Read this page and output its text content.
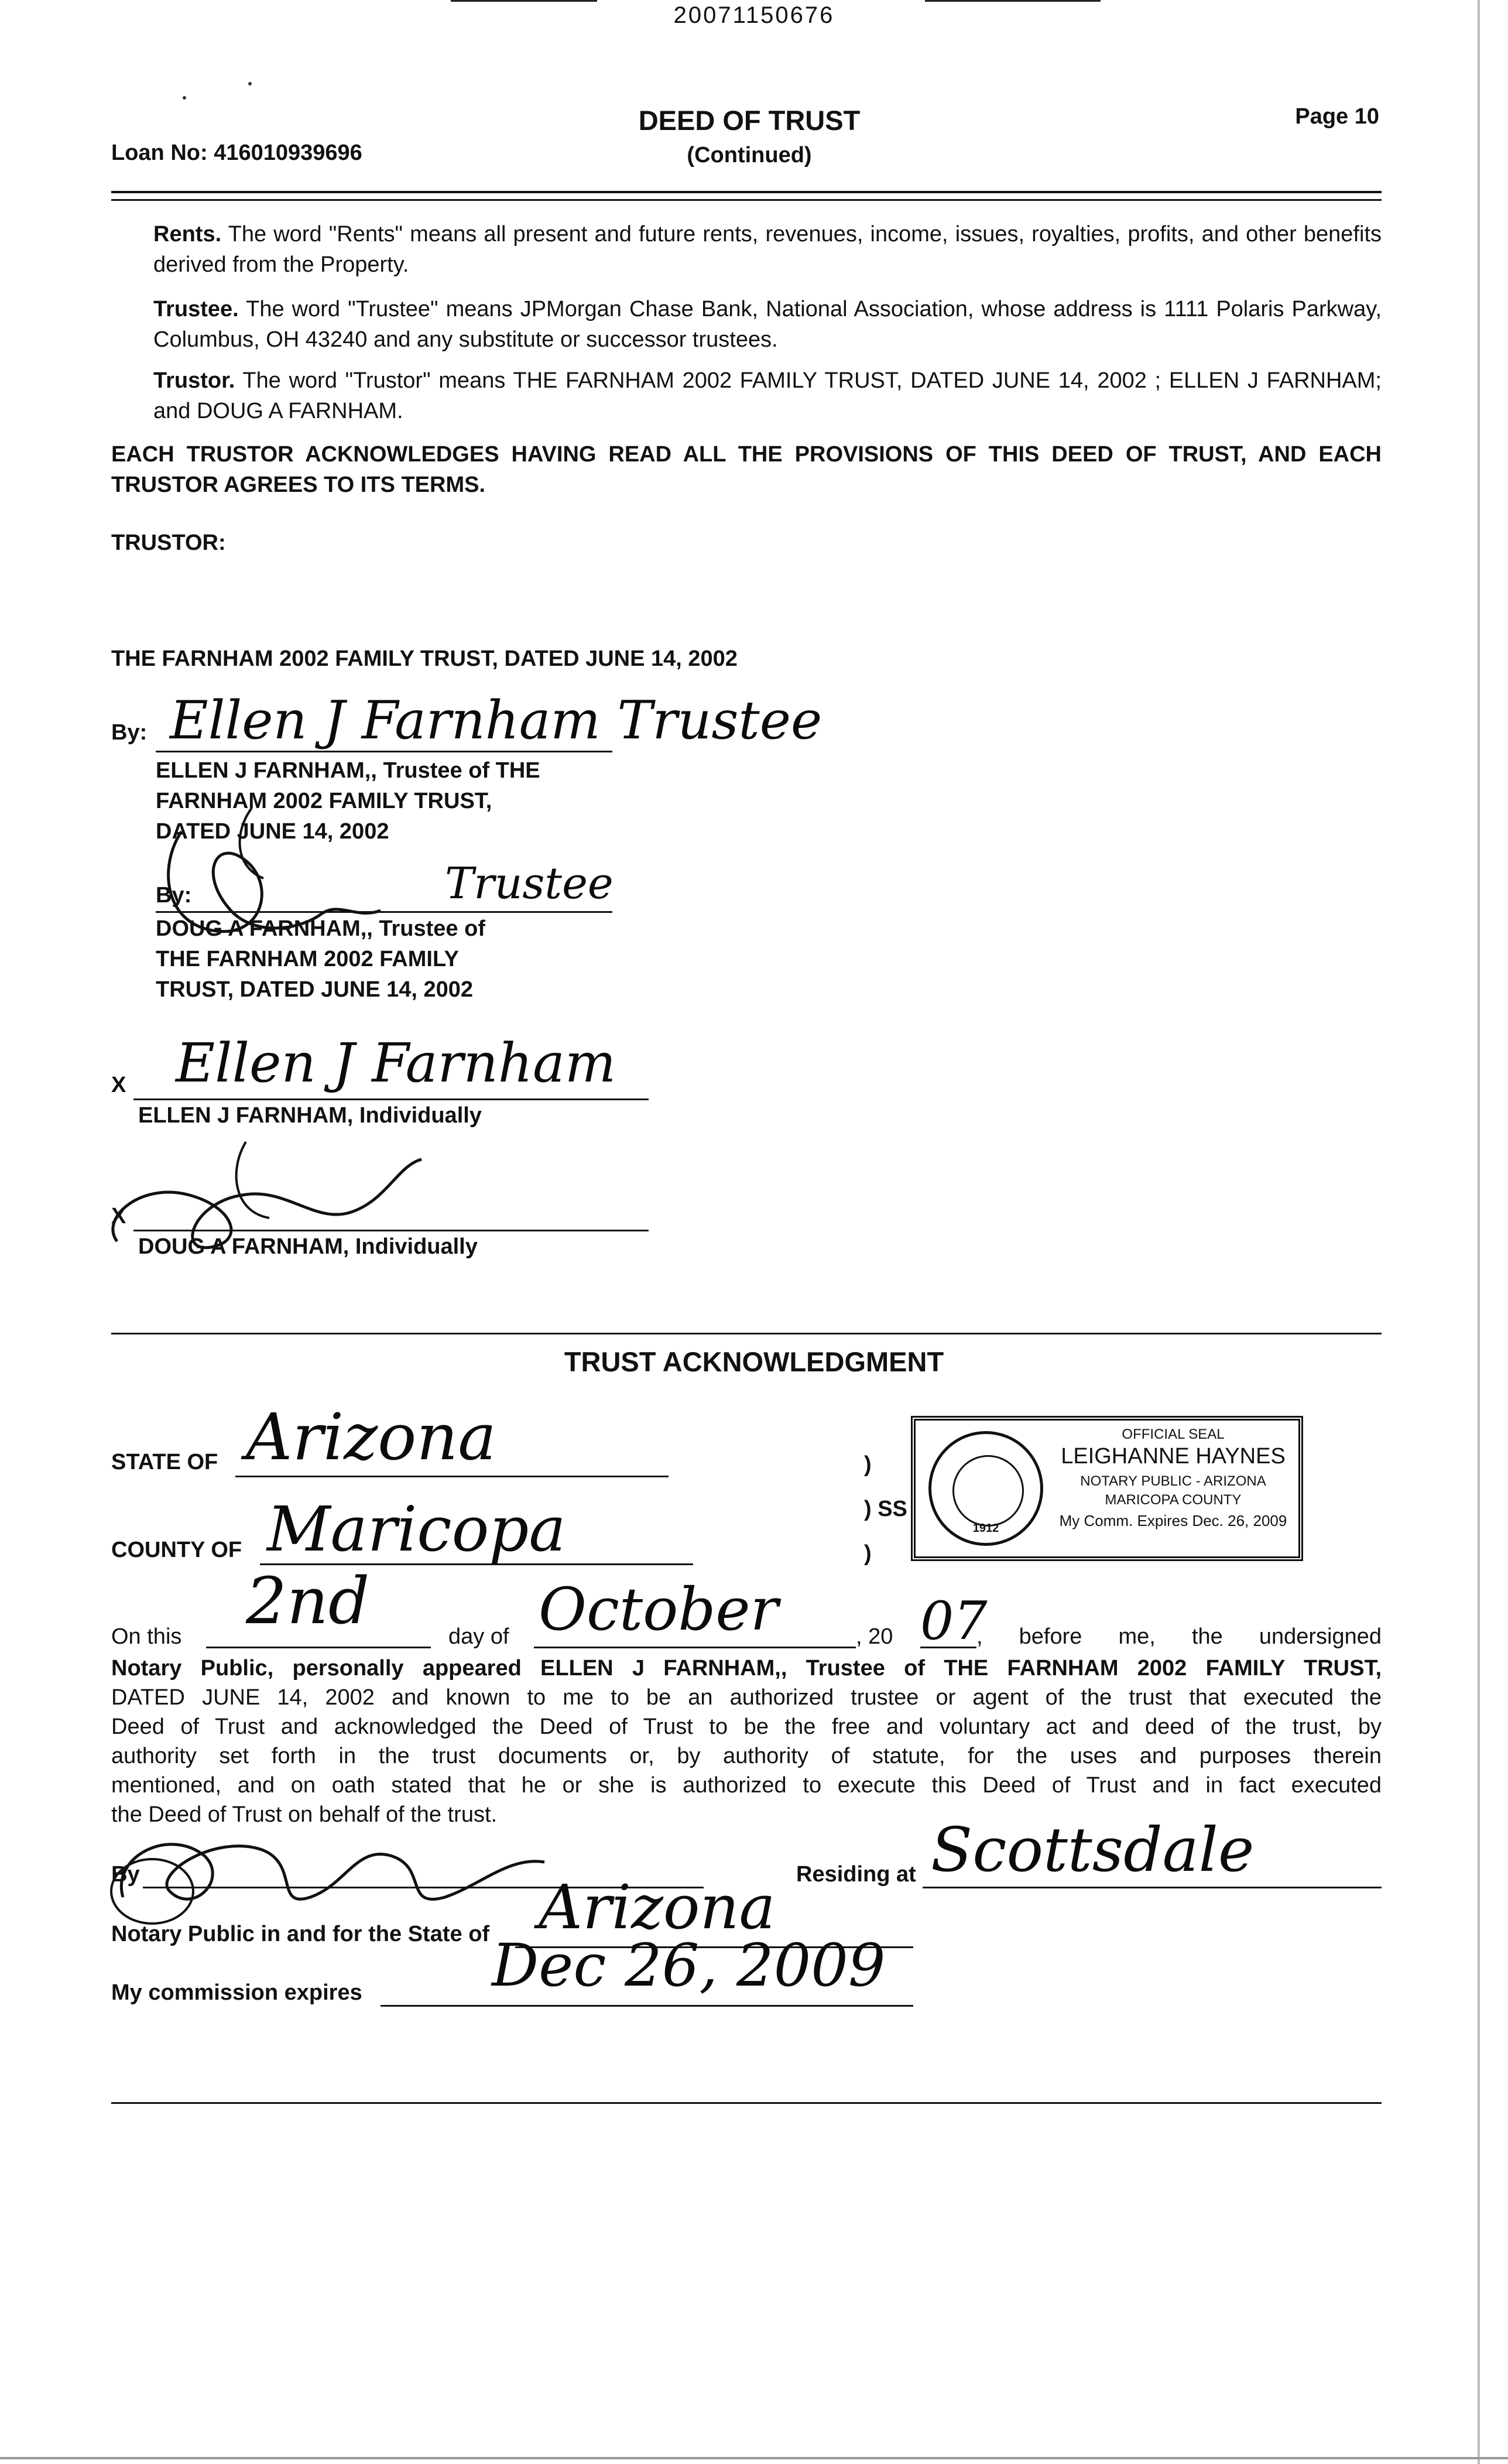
20071150676
DEED OF TRUST
(Continued)
Page 10
Loan No: 416010939696
Rents. The word "Rents" means all present and future rents, revenues, income, issues, royalties, profits, and other benefits derived from the Property.
Trustee. The word "Trustee" means JPMorgan Chase Bank, National Association, whose address is 1111 Polaris Parkway, Columbus, OH 43240 and any substitute or successor trustees.
Trustor. The word "Trustor" means THE FARNHAM 2002 FAMILY TRUST, DATED JUNE 14, 2002 ; ELLEN J FARNHAM; and DOUG A FARNHAM.
EACH TRUSTOR ACKNOWLEDGES HAVING READ ALL THE PROVISIONS OF THIS DEED OF TRUST, AND EACH TRUSTOR AGREES TO ITS TERMS.
TRUSTOR:
THE FARNHAM 2002 FAMILY TRUST, DATED JUNE 14, 2002
By: Ellen J Farnham Trustee
ELLEN J FARNHAM,, Trustee of THE
FARNHAM 2002 FAMILY TRUST,
DATED JUNE 14, 2002
By:	Trustee
DOUG A FARNHAM,, Trustee of
THE FARNHAM 2002 FAMILY
TRUST, DATED JUNE 14, 2002
X Ellen J Farnham
ELLEN J FARNHAM, Individually
X
DOUG A FARNHAM, Individually
TRUST ACKNOWLEDGMENT
STATE OF Arizona
COUNTY OF Maricopa
)
) SS
)
1912
OFFICIAL SEAL
LEIGHANNE HAYNES
NOTARY PUBLIC - ARIZONA
MARICOPA COUNTY
My Comm. Expires Dec. 26, 2009
On this 2nd	day of October	, 20 07
, before me, the undersigned
Notary Public, personally appeared ELLEN J FARNHAM,, Trustee of THE FARNHAM 2002 FAMILY TRUST,
DATED JUNE 14, 2002 and known to me to be an authorized trustee or agent of the trust that executed the
Deed of Trust and acknowledged the Deed of Trust to be the free and voluntary act and deed of the trust, by
authority set forth in the trust documents or, by authority of statute, for the uses and purposes therein
mentioned, and on oath stated that he or she is authorized to execute this Deed of Trust and in fact executed
the Deed of Trust on behalf of the trust.
By	Residing at Scottsdale
Notary Public in and for the State of Arizona
My commission expires Dec 26, 2009
